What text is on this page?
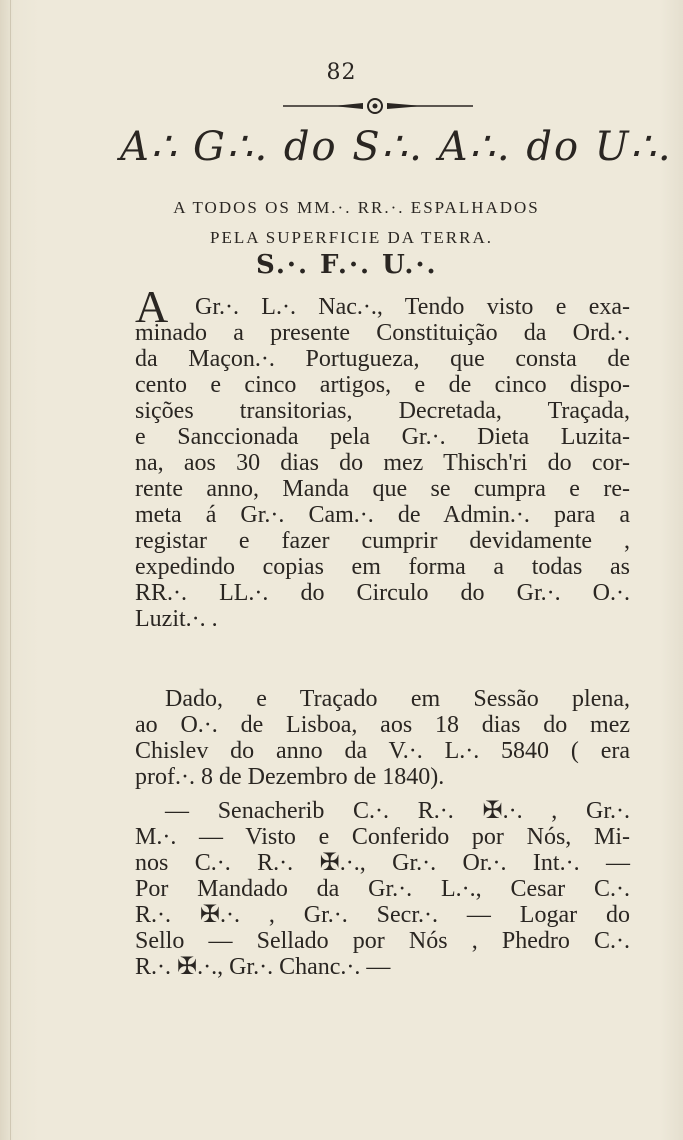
82
A∴ G∴. do S∴. A∴. do U∴.
A TODOS OS MM.·. RR.·. ESPALHADOS
PELA SUPERFICIE DA TERRA.
S.·. F.·. U.·.
A	Gr.·. L.·. Nac.·., Tendo visto e exa-
minado a presente Constituição da Ord.·.
da Maçon.·. Portugueza, que consta de
cento e cinco artigos, e de cinco dispo-
sições transitorias, Decretada, Traçada,
e Sanccionada pela Gr.·. Dieta Luzita-
na, aos 30 dias do mez Thisch'ri do cor-
rente anno, Manda que se cumpra e re-
meta á Gr.·. Cam.·. de Admin.·. para a
registar e fazer cumprir devidamente ,
expedindo copias em forma a todas as
RR.·. LL.·. do Circulo do Gr.·. O.·.
Luzit.·. .
Dado, e Traçado em Sessão plena,
ao O.·. de Lisboa, aos 18 dias do mez
Chislev do anno da V.·. L.·. 5840 ( era
prof.·. 8 de Dezembro de 1840).
— Senacherib C.·. R.·. ✠.·. , Gr.·.
M.·. — Visto e Conferido por Nós, Mi-
nos C.·. R.·. ✠.·., Gr.·. Or.·. Int.·. —
Por Mandado da Gr.·. L.·., Cesar C.·.
R.·. ✠.·. , Gr.·. Secr.·. — Logar do
Sello — Sellado por Nós , Phedro C.·.
R.·. ✠.·., Gr.·. Chanc.·. —
